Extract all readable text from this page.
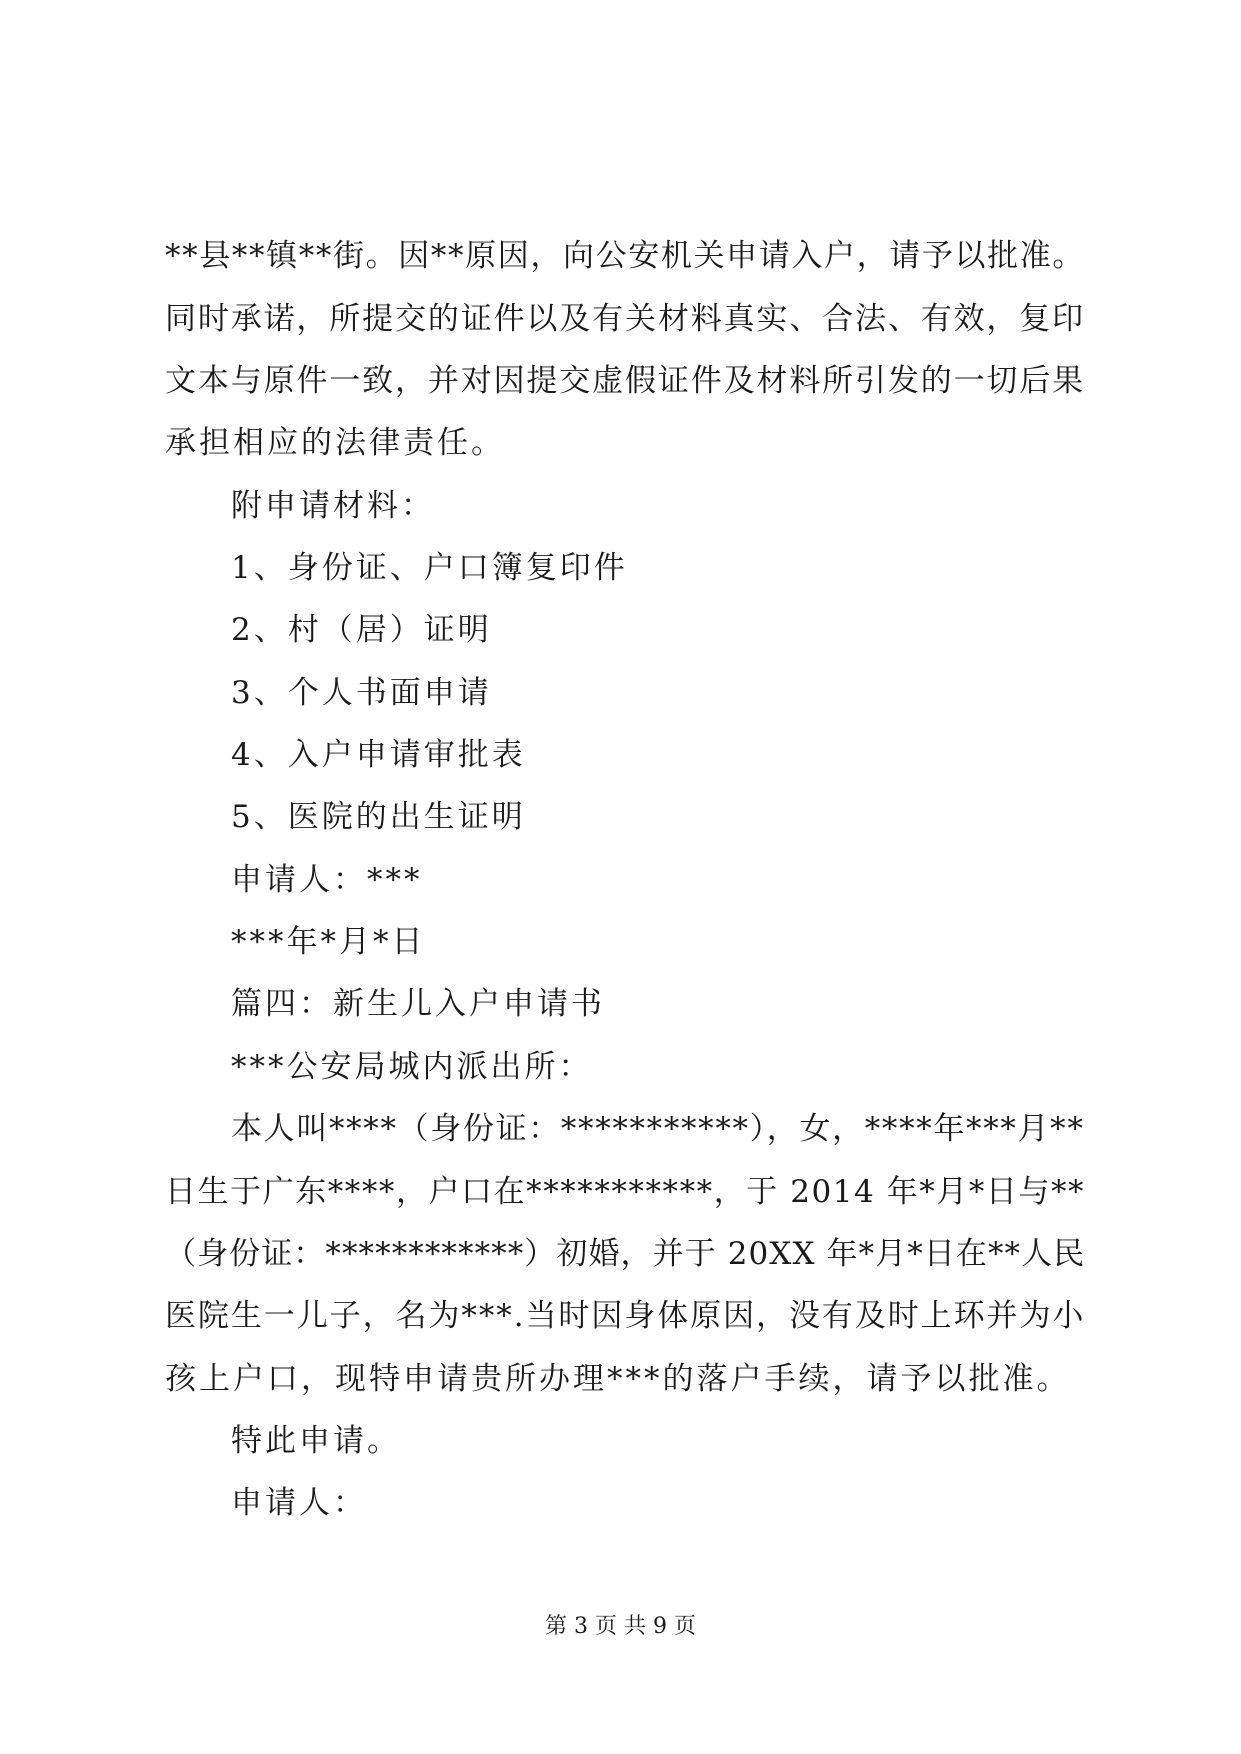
**县**镇**街。因**原因，向公安机关申请入户，请予以批准。
同时承诺，所提交的证件以及有关材料真实、合法、有效，复印
文本与原件一致，并对因提交虚假证件及材料所引发的一切后果
承担相应的法律责任。
附申请材料：
1、身份证、户口簿复印件
2、村（居）证明
3、个人书面申请
4、入户申请审批表
5、医院的出生证明
申请人：***
***年*月*日
篇四：新生儿入户申请书
***公安局城内派出所：
本人叫****（身份证：***********），女，****年***月**
日生于广东****，户口在***********，于 2014 年*月*日与**
（身份证：************）初婚，并于 20XX 年*月*日在**人民
医院生一儿子，名为***.当时因身体原因，没有及时上环并为小
孩上户口，现特申请贵所办理***的落户手续，请予以批准。
特此申请。
申请人：
第 3 页 共 9 页
